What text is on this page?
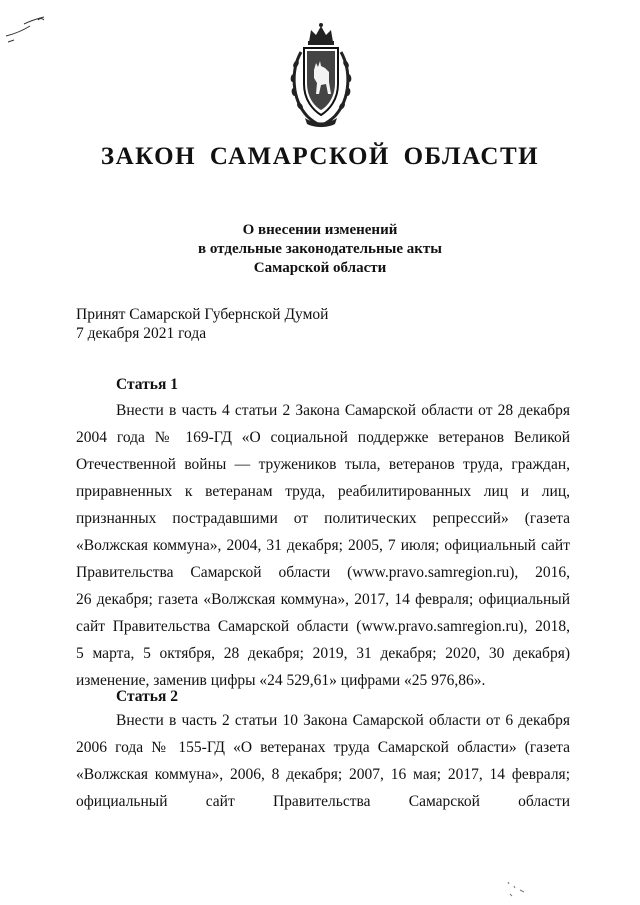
ЗАКОН САМАРСКОЙ ОБЛАСТИ
О внесении изменений
в отдельные законодательные акты
Самарской области
Принят Самарской Губернской Думой
7 декабря 2021 года
Статья 1
Внести в часть 4 статьи 2 Закона Самарской области от 28 декабря
2004 года № 169-ГД «О социальной поддержке ветеранов Великой
Отечественной войны — тружеников тыла, ветеранов труда, граждан,
приравненных к ветеранам труда, реабилитированных лиц и лиц,
признанных пострадавшими от политических репрессий» (газета
«Волжская коммуна», 2004, 31 декабря; 2005, 7 июля; официальный сайт
Правительства Самарской области (www.pravo.samregion.ru), 2016,
26 декабря; газета «Волжская коммуна», 2017, 14 февраля; официальный
сайт Правительства Самарской области (www.pravo.samregion.ru), 2018,
5 марта, 5 октября, 28 декабря; 2019, 31 декабря; 2020, 30 декабря)
изменение, заменив цифры «24 529,61» цифрами «25 976,86».
Статья 2
Внести в часть 2 статьи 10 Закона Самарской области от 6 декабря
2006 года № 155-ГД «О ветеранах труда Самарской области» (газета
«Волжская коммуна», 2006, 8 декабря; 2007, 16 мая; 2017, 14 февраля;
официальный сайт Правительства Самарской области
